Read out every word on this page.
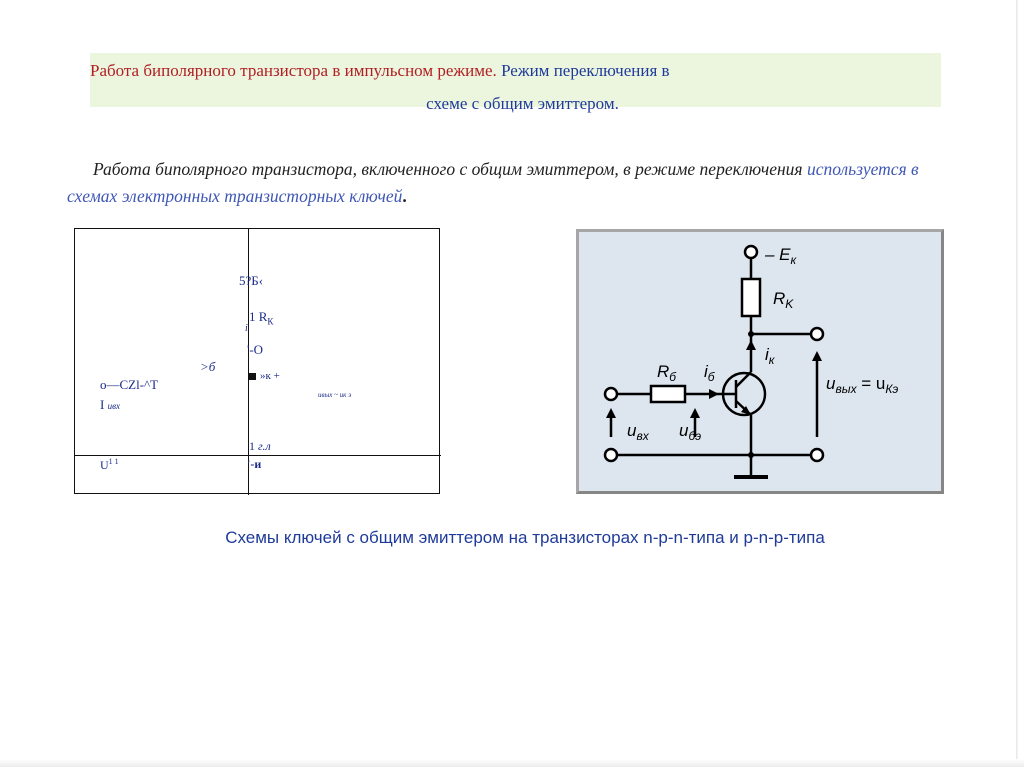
Работа биполярного транзистора в импульсном режиме. Режим переключения в
схеме с общим эмиттером.
Работа биполярного транзистора, включенного с общим эмиттером, в режиме переключения используется в схемах электронных транзисторных ключей.
5?Б‹
1 $R_К$
i
'-O
>б
»к +
o—CZl-^T
uвых ~ uк э
I uвх
1 г.л
$U^{1 1}$	'-и
– $E_к$
$R_K$
$i_к$
$R_б$ $i_б$
$u_{вх}$ $u_{бэ}$
$u_{вых} = u_{Кэ}$
Схемы ключей с общим эмиттером на транзисторах n-p-n-типа и p-n-p-типа
